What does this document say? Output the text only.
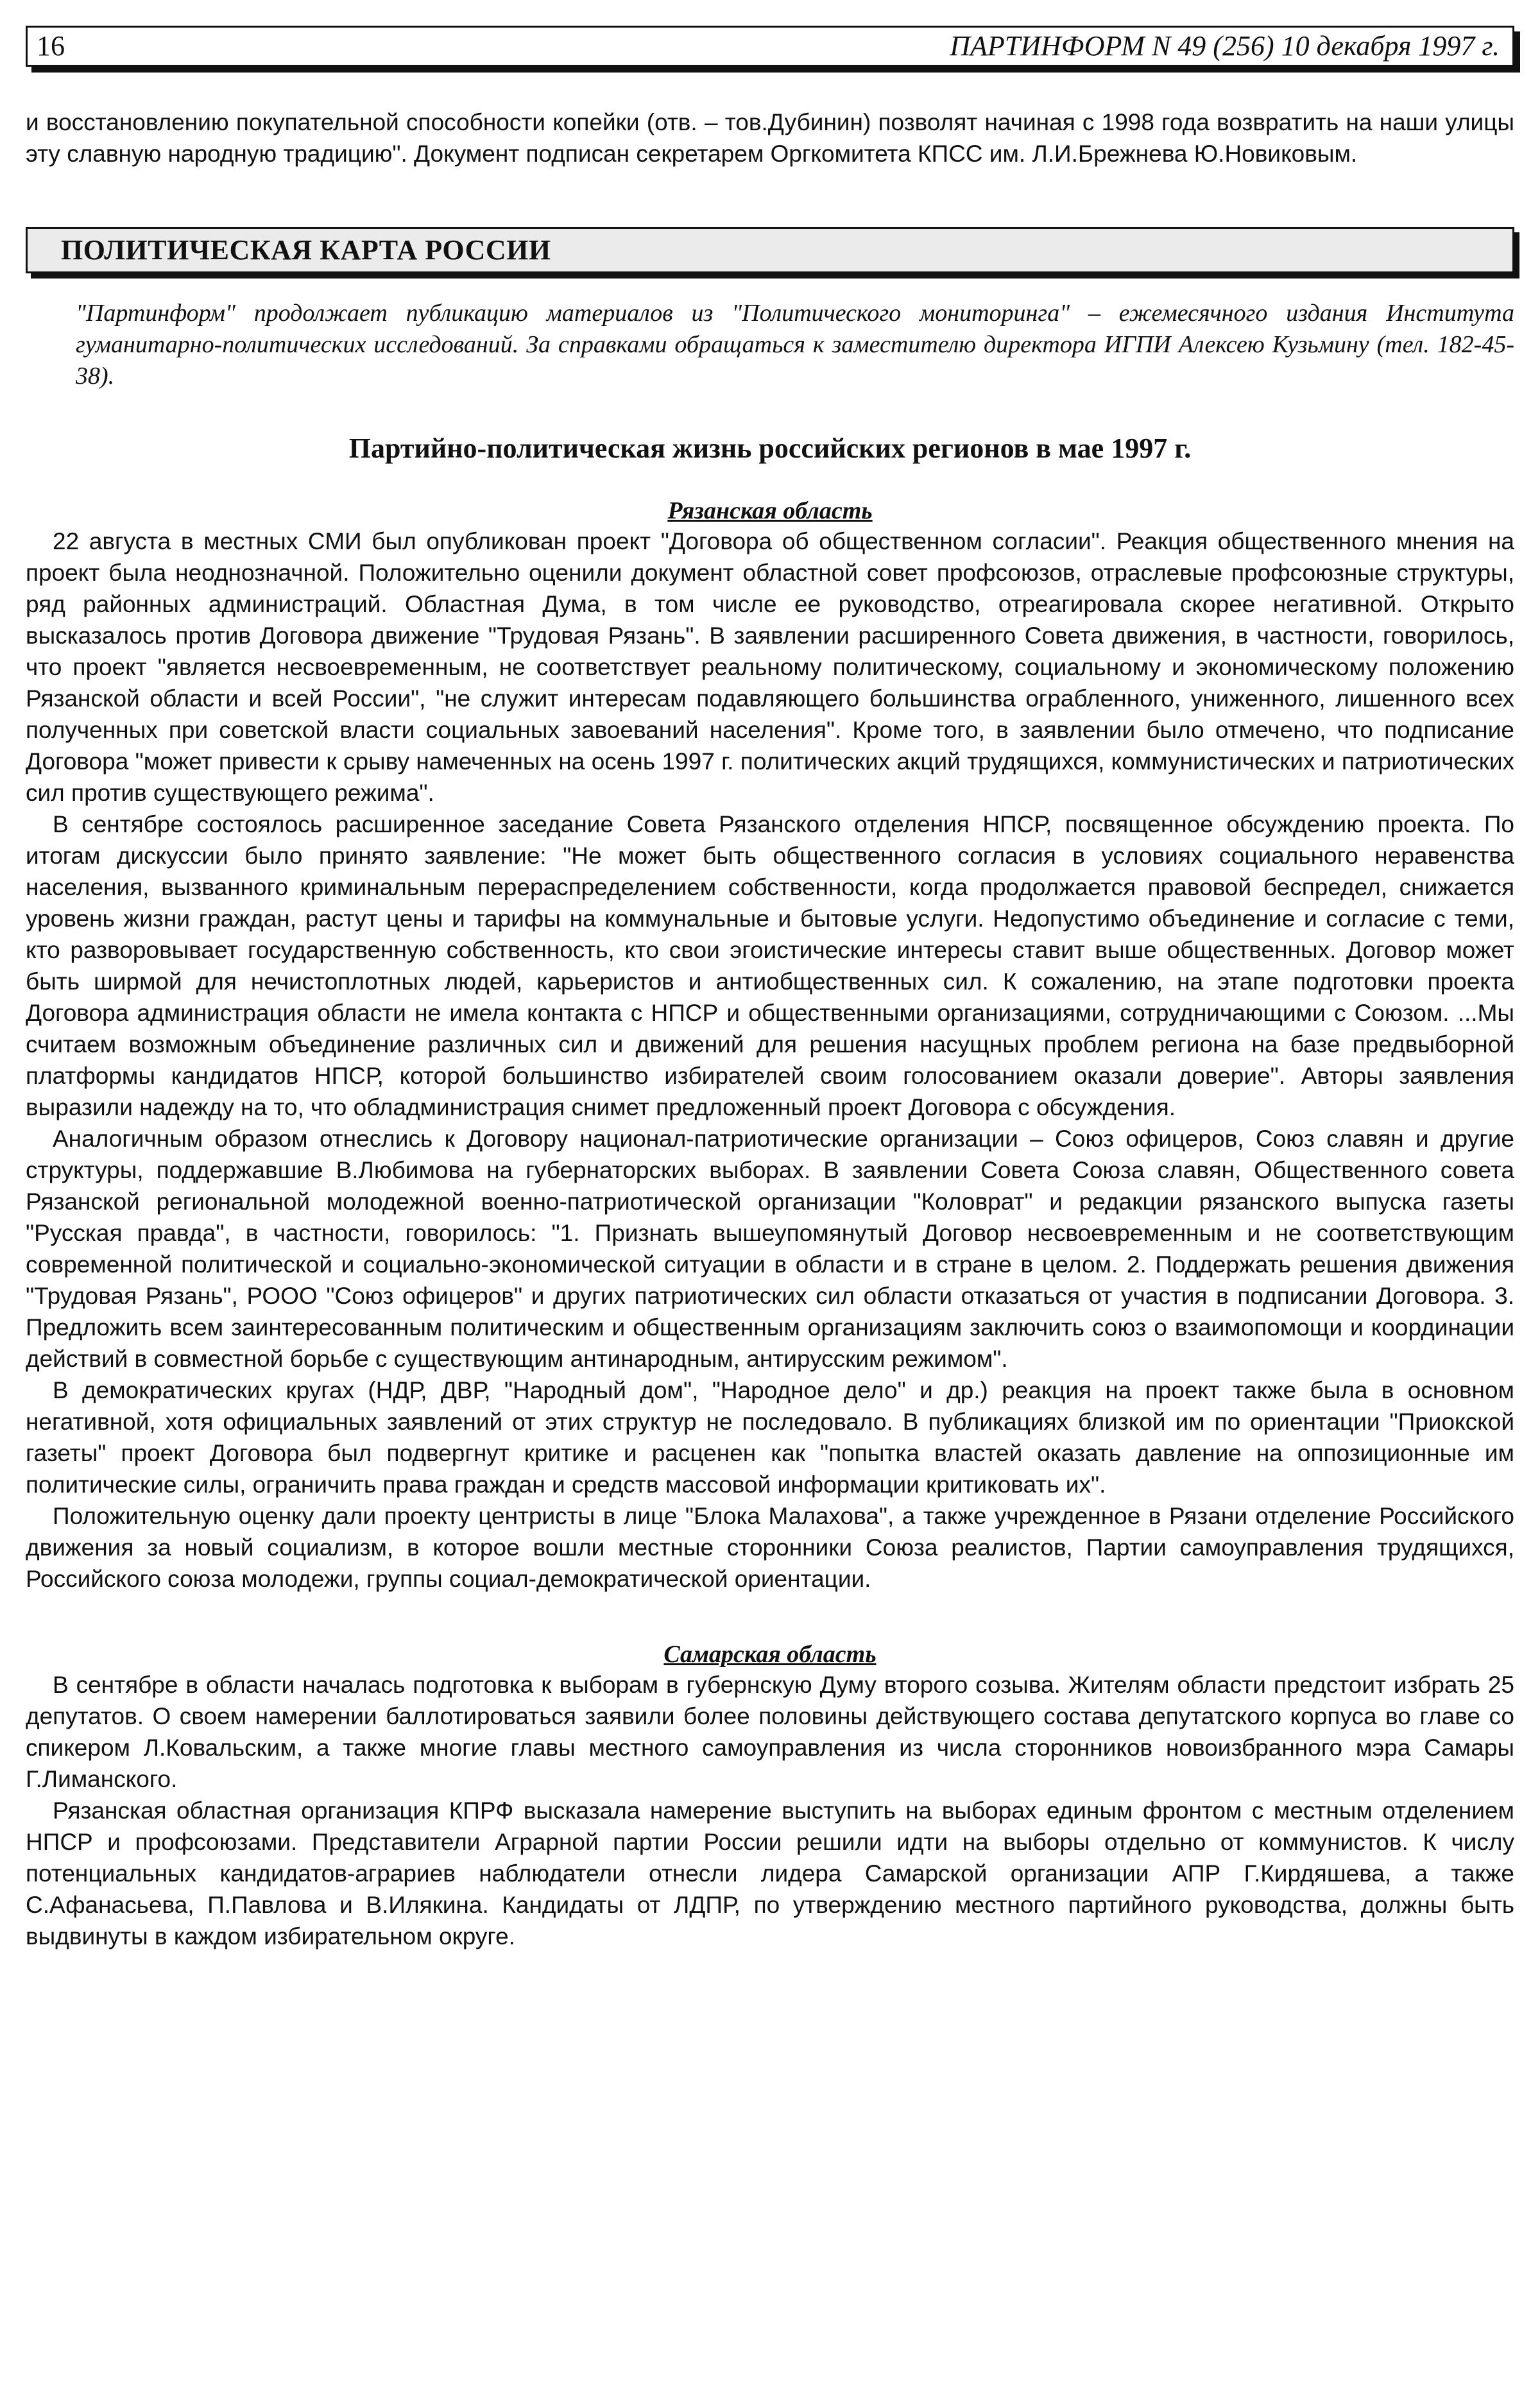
16	ПАРТИНФОРМ N 49 (256) 10 декабря 1997 г.

и восстановлению покупательной способности копейки (отв. – тов.Дубинин) позволят начиная с 1998 года возвратить на наши улицы эту славную народную традицию". Документ подписан секретарем Оргкомитета КПСС им. Л.И.Брежнева Ю.Новиковым.

ПОЛИТИЧЕСКАЯ КАРТА РОССИИ

"Партинформ" продолжает публикацию материалов из "Политического мониторинга" – ежемесячного издания Института гуманитарно-политических исследований. За справками обращаться к заместителю директора ИГПИ Алексею Кузьмину (тел. 182-45-38).

Партийно-политическая жизнь российских регионов в мае 1997 г.
Рязанская область

22 августа в местных СМИ был опубликован проект "Договора об общественном согласии". Реакция общественного мнения на проект была неоднозначной. Положительно оценили документ областной совет профсоюзов, отраслевые профсоюзные структуры, ряд районных администраций. Областная Дума, в том числе ее руководство, отреагировала скорее негативной. Открыто высказалось против Договора движение "Трудовая Рязань". В заявлении расширенного Совета движения, в частности, говорилось, что проект "является несвоевременным, не соответствует реальному политическому, социальному и экономическому положению Рязанской области и всей России", "не служит интересам подавляющего большинства ограбленного, униженного, лишенного всех полученных при советской власти социальных завоеваний населения". Кроме того, в заявлении было отмечено, что подписание Договора "может привести к срыву намеченных на осень 1997 г. политических акций трудящихся, коммунистических и патриотических сил против существующего режима".

В сентябре состоялось расширенное заседание Совета Рязанского отделения НПСР, посвященное обсуждению проекта. По итогам дискуссии было принято заявление: "Не может быть общественного согласия в условиях социального неравенства населения, вызванного криминальным перераспределением собственности, когда продолжается правовой беспредел, снижается уровень жизни граждан, растут цены и тарифы на коммунальные и бытовые услуги. Недопустимо объединение и согласие с теми, кто разворовывает государственную собственность, кто свои эгоистические интересы ставит выше общественных. Договор может быть ширмой для нечистоплотных людей, карьеристов и антиобщественных сил. К сожалению, на этапе подготовки проекта Договора администрация области не имела контакта с НПСР и общественными организациями, сотрудничающими с Союзом. ...Мы считаем возможным объединение различных сил и движений для решения насущных проблем региона на базе предвыборной платформы кандидатов НПСР, которой большинство избирателей своим голосованием оказали доверие". Авторы заявления выразили надежду на то, что обладминистрация снимет предложенный проект Договора с обсуждения.

Аналогичным образом отнеслись к Договору национал-патриотические организации – Союз офицеров, Союз славян и другие структуры, поддержавшие В.Любимова на губернаторских выборах. В заявлении Совета Союза славян, Общественного совета Рязанской региональной молодежной военно-патриотической организации "Коловрат" и редакции рязанского выпуска газеты "Русская правда", в частности, говорилось: "1. Признать вышеупомянутый Договор несвоевременным и не соответствующим современной политической и социально-экономической ситуации в области и в стране в целом. 2. Поддержать решения движения "Трудовая Рязань", РООО "Союз офицеров" и других патриотических сил области отказаться от участия в подписании Договора. 3. Предложить всем заинтересованным политическим и общественным организациям заключить союз о взаимопомощи и координации действий в совместной борьбе с существующим антинародным, антирусским режимом".

В демократических кругах (НДР, ДВР, "Народный дом", "Народное дело" и др.) реакция на проект также была в основном негативной, хотя официальных заявлений от этих структур не последовало. В публикациях близкой им по ориентации "Приокской газеты" проект Договора был подвергнут критике и расценен как "попытка властей оказать давление на оппозиционные им политические силы, ограничить права граждан и средств массовой информации критиковать их".

Положительную оценку дали проекту центристы в лице "Блока Малахова", а также учрежденное в Рязани отделение Российского движения за новый социализм, в которое вошли местные сторонники Союза реалистов, Партии самоуправления трудящихся, Российского союза молодежи, группы социал-демократической ориентации.

Самарская область

В сентябре в области началась подготовка к выборам в губернскую Думу второго созыва. Жителям области предстоит избрать 25 депутатов. О своем намерении баллотироваться заявили более половины действующего состава депутатского корпуса во главе со спикером Л.Ковальским, а также многие главы местного самоуправления из числа сторонников новоизбранного мэра Самары Г.Лиманского.

Рязанская областная организация КПРФ высказала намерение выступить на выборах единым фронтом с местным отделением НПСР и профсоюзами. Представители Аграрной партии России решили идти на выборы отдельно от коммунистов. К числу потенциальных кандидатов-аграриев наблюдатели отнесли лидера Самарской организации АПР Г.Кирдяшева, а также С.Афанасьева, П.Павлова и В.Илякина. Кандидаты от ЛДПР, по утверждению местного партийного руководства, должны быть выдвинуты в каждом избирательном округе.
